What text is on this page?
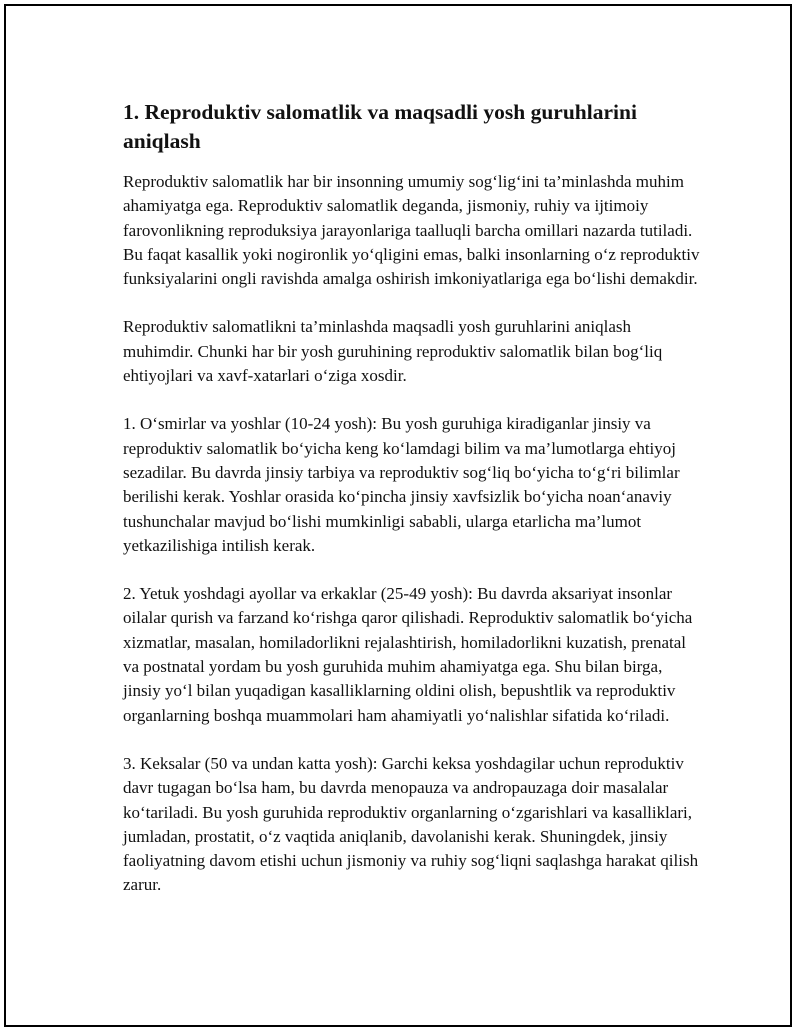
1. Reproduktiv salomatlik va maqsadli yosh guruhlarini aniqlash

Reproduktiv salomatlik har bir insonning umumiy sog‘lig‘ini ta’minlashda muhim ahamiyatga ega. Reproduktiv salomatlik deganda, jismoniy, ruhiy va ijtimoiy farovonlikning reproduksiya jarayonlariga taalluqli barcha omillari nazarda tutiladi. Bu faqat kasallik yoki nogironlik yo‘qligini emas, balki insonlarning o‘z reproduktiv funksiyalarini ongli ravishda amalga oshirish imkoniyatlariga ega bo‘lishi demakdir.

Reproduktiv salomatlikni ta’minlashda maqsadli yosh guruhlarini aniqlash muhimdir. Chunki har bir yosh guruhining reproduktiv salomatlik bilan bog‘liq ehtiyojlari va xavf-xatarlari o‘ziga xosdir.

1. O‘smirlar va yoshlar (10-24 yosh): Bu yosh guruhiga kiradiganlar jinsiy va reproduktiv salomatlik bo‘yicha keng ko‘lamdagi bilim va ma’lumotlarga ehtiyoj sezadilar. Bu davrda jinsiy tarbiya va reproduktiv sog‘liq bo‘yicha to‘g‘ri bilimlar berilishi kerak. Yoshlar orasida ko‘pincha jinsiy xavfsizlik bo‘yicha noan‘anaviy tushunchalar mavjud bo‘lishi mumkinligi sababli, ularga etarlicha ma’lumot yetkazilishiga intilish kerak.

2. Yetuk yoshdagi ayollar va erkaklar (25-49 yosh): Bu davrda aksariyat insonlar oilalar qurish va farzand ko‘rishga qaror qilishadi. Reproduktiv salomatlik bo‘yicha xizmatlar, masalan, homiladorlikni rejalashtirish, homiladorlikni kuzatish, prenatal va postnatal yordam bu yosh guruhida muhim ahamiyatga ega. Shu bilan birga, jinsiy yo‘l bilan yuqadigan kasalliklarning oldini olish, bepushtlik va reproduktiv organlarning boshqa muammolari ham ahamiyatli yo‘nalishlar sifatida ko‘riladi.

3. Keksalar (50 va undan katta yosh): Garchi keksa yoshdagilar uchun reproduktiv davr tugagan bo‘lsa ham, bu davrda menopauza va andropauzaga doir masalalar ko‘tariladi. Bu yosh guruhida reproduktiv organlarning o‘zgarishlari va kasalliklari, jumladan, prostatit, o‘z vaqtida aniqlanib, davolanishi kerak. Shuningdek, jinsiy faoliyatning davom etishi uchun jismoniy va ruhiy sog‘liqni saqlashga harakat qilish zarur.
